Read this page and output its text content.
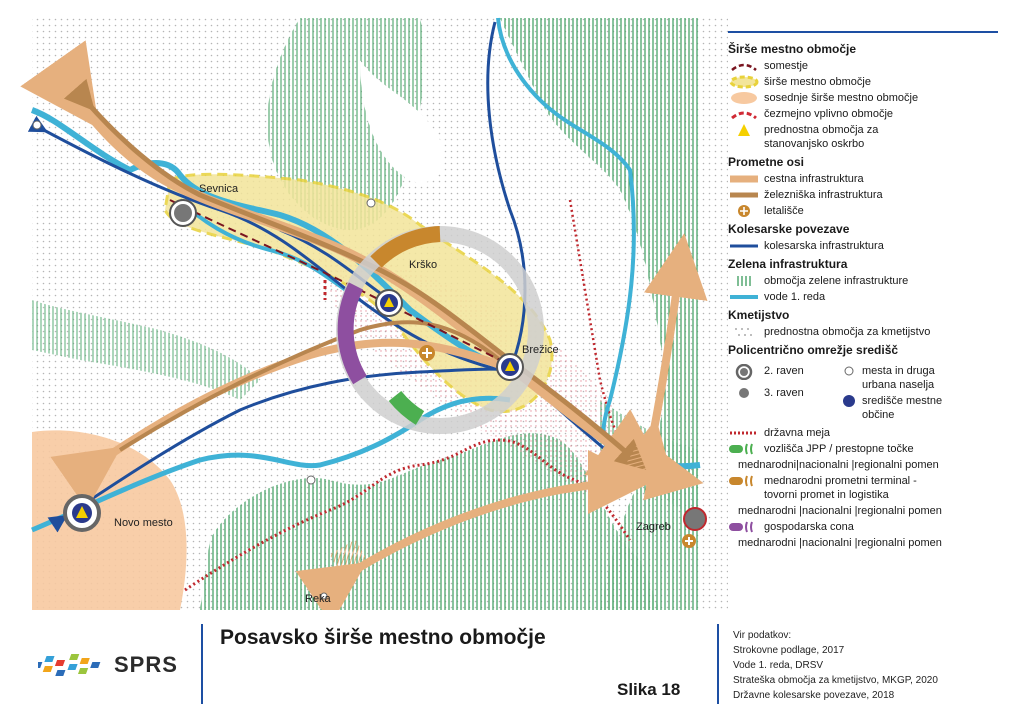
Sevnica
Krško
Brežice
Novo mesto	Zagreb
Reka
Širše mestno območje
somestje
širše mestno območje
sosednje širše mestno območje
čezmejno vplivno območje
prednostna območja za
stanovanjsko oskrbo
Prometne osi
cestna infrastruktura
železniška infrastruktura
letališče
Kolesarske povezave
kolesarska infrastruktura
Zelena infrastruktura
območja zelene infrastrukture
vode 1. reda
Kmetijstvo
prednostna območja za kmetijstvo
Policentrično omrežje središč
2. raven
3. raven
mesta in druga
urbana naselja
središče mestne
občine
državna meja
vozlišča JPP / prestopne točke
mednarodni|nacionalni |regionalni pomen
mednarodni prometni terminal -
tovorni promet in logistika
mednarodni |nacionalni |regionalni pomen
gospodarska cona
mednarodni |nacionalni |regionalni pomen
SPRS
Posavsko širše mestno območje
Slika 18
Vir podatkov:
Strokovne podlage, 2017
Vode 1. reda, DRSV
Strateška območja za kmetijstvo, MKGP, 2020
Državne kolesarske povezave, 2018
